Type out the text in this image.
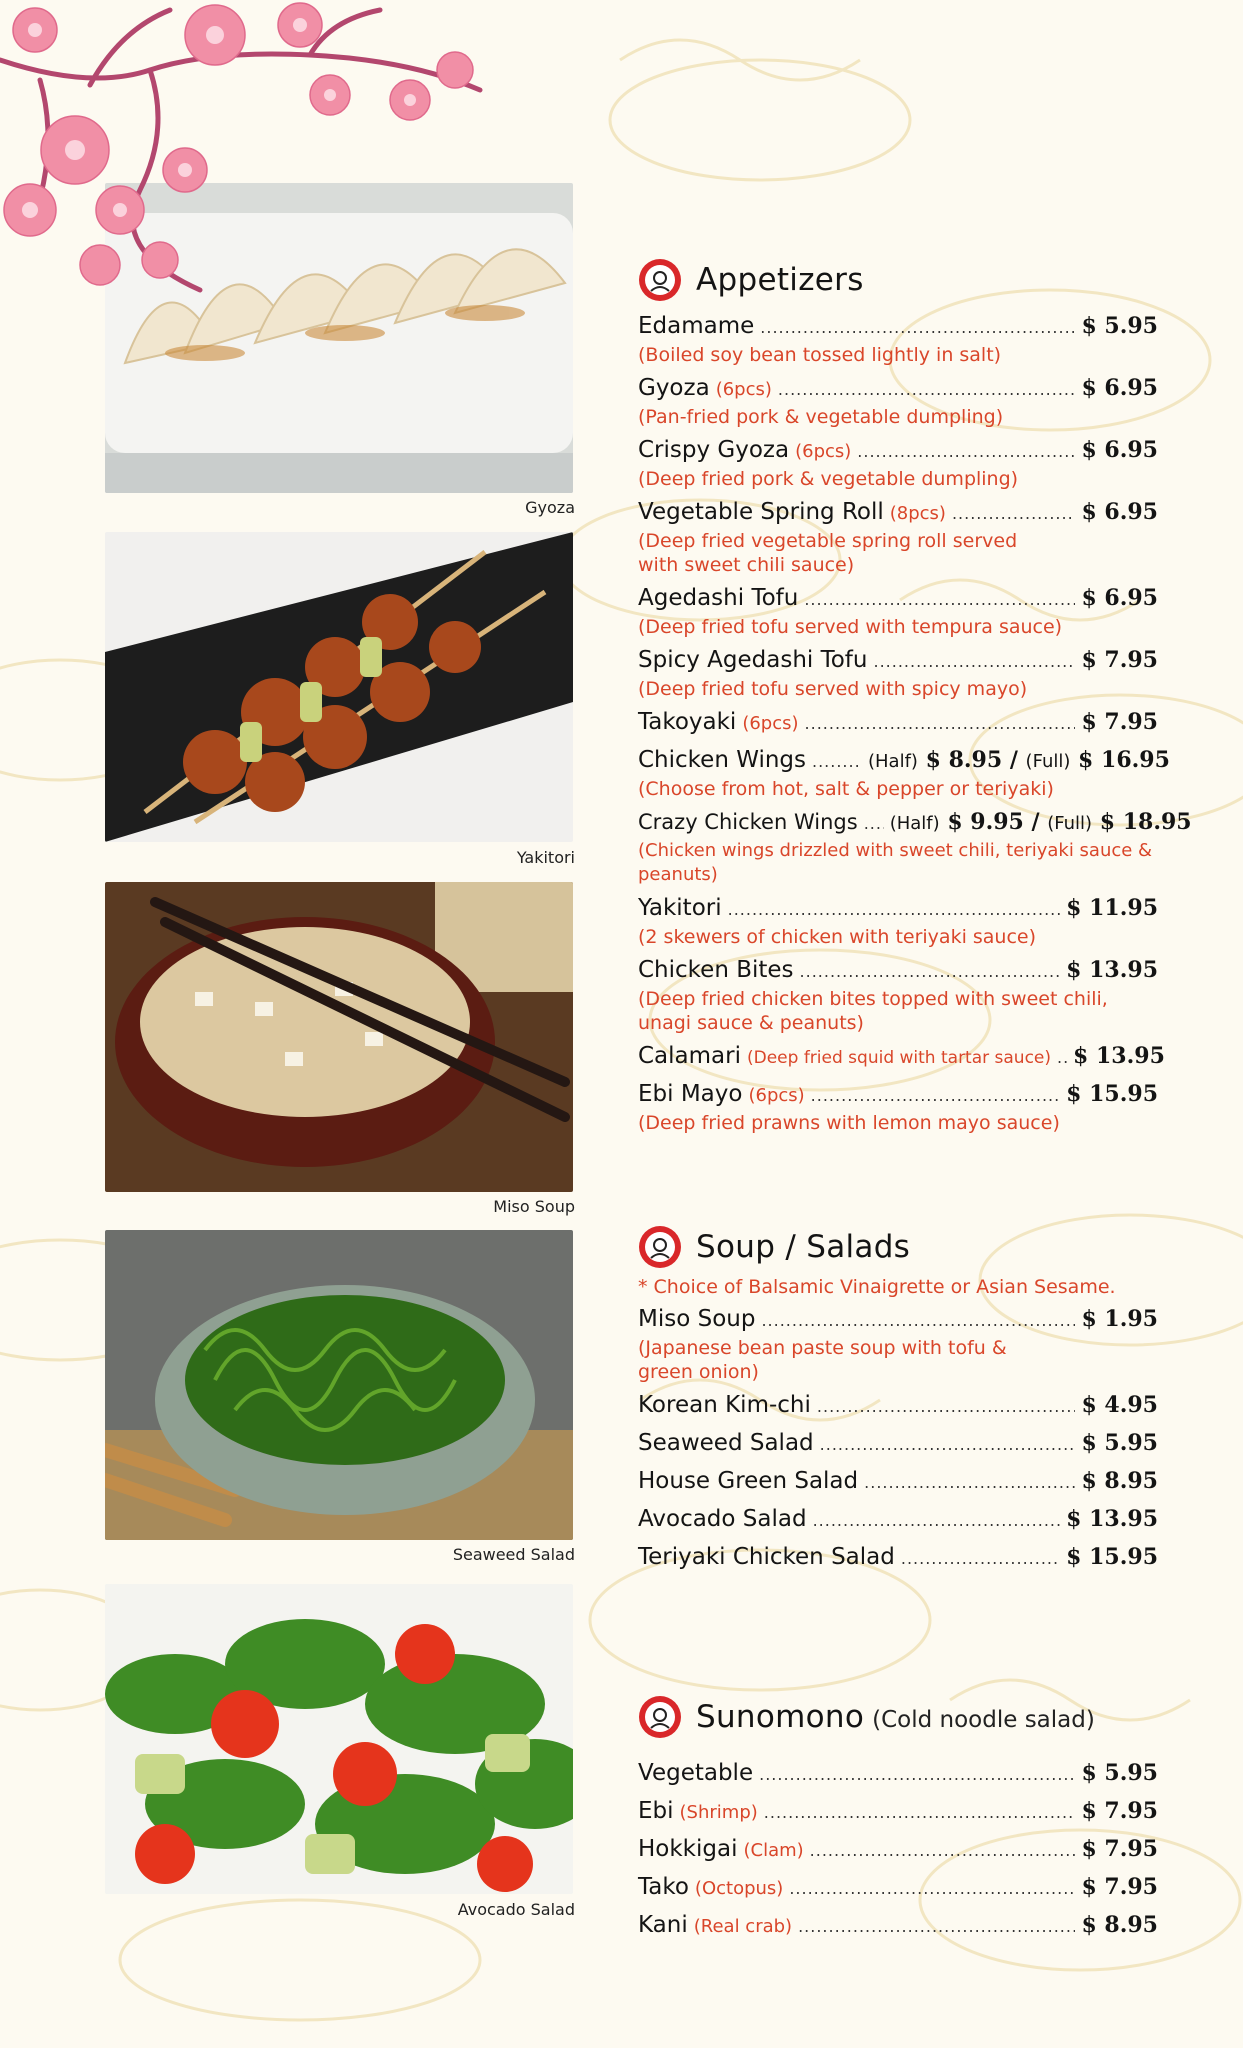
Gyoza
Yakitori
Miso Soup
Seaweed Salad
Avocado Salad
Appetizers
Edamame .....	$ 5.95
(Boiled soy bean tossed lightly in salt)
Gyoza (6pcs) .....	$ 6.95
(Pan-fried pork & vegetable dumpling)
Crispy Gyoza (6pcs) .....	$ 6.95
(Deep fried pork & vegetable dumpling)
Vegetable Spring Roll (8pcs) .....	$ 6.95
(Deep fried vegetable spring roll served with sweet chili sauce)
Agedashi Tofu .....	$ 6.95
(Deep fried tofu served with tempura sauce)
Spicy Agedashi Tofu .....	$ 7.95
(Deep fried tofu served with spicy mayo)
Takoyaki (6pcs) .....	$ 7.95
Chicken Wings .....	(Half) $ 8.95 / (Full) $ 16.95
(Choose from hot, salt & pepper or teriyaki)
Crazy Chicken Wings ..... (Half) $ 9.95 / (Full) $ 18.95
(Chicken wings drizzled with sweet chili, teriyaki sauce & peanuts)
Yakitori .....	$ 11.95
(2 skewers of chicken with teriyaki sauce)
Chicken Bites .....	$ 13.95
(Deep fried chicken bites topped with sweet chili, unagi sauce & peanuts)
Calamari (Deep fried squid with tartar sauce) ..... $ 13.95
Ebi Mayo (6pcs) .....	$ 15.95
(Deep fried prawns with lemon mayo sauce)
Soup / Salads
* Choice of Balsamic Vinaigrette or Asian Sesame.
Miso Soup .....	$ 1.95
(Japanese bean paste soup with tofu & green onion)
Korean Kim-chi .....	$ 4.95
Seaweed Salad .....	$ 5.95
House Green Salad .....	$ 8.95
Avocado Salad .....	$ 13.95
Teriyaki Chicken Salad .....	$ 15.95
Sunomono (Cold noodle salad)
Vegetable .....	$ 5.95
Ebi (Shrimp) .....	$ 7.95
Hokkigai (Clam) .....	$ 7.95
Tako (Octopus) .....	$ 7.95
Kani (Real crab) .....	$ 8.95
